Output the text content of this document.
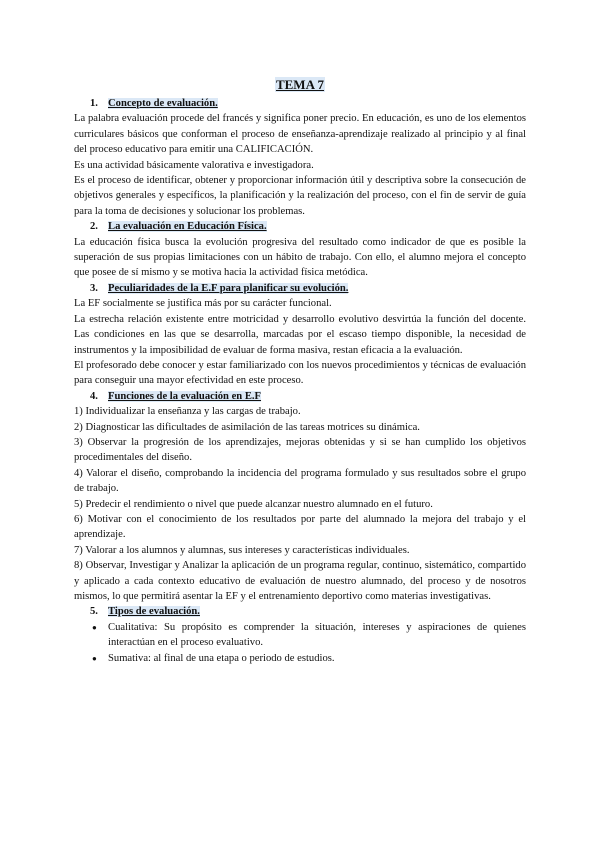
TEMA 7
1. Concepto de evaluación.

La palabra evaluación procede del francés y significa poner precio. En educación, es uno de los elementos curriculares básicos que conforman el proceso de enseñanza-aprendizaje realizado al principio y al final del proceso educativo para emitir una CALIFICACIÓN.

Es una actividad básicamente valorativa e investigadora.

Es el proceso de identificar, obtener y proporcionar información útil y descriptiva sobre la consecución de objetivos generales y específicos, la planificación y la realización del proceso, con el fin de servir de guía para la toma de decisiones y solucionar los problemas.

2. La evaluación en Educación Física.

La educación física busca la evolución progresiva del resultado como indicador de que es posible la superación de sus propias limitaciones con un hábito de trabajo. Con ello, el alumno mejora el concepto que posee de sí mismo y se motiva hacia la actividad física metódica.

3. Peculiaridades de la E.F para planificar su evolución.

La EF socialmente se justifica más por su carácter funcional.

La estrecha relación existente entre motricidad y desarrollo evolutivo desvirtúa la función del docente. Las condiciones en las que se desarrolla, marcadas por el escaso tiempo disponible, la necesidad de instrumentos y la imposibilidad de evaluar de forma masiva, restan eficacia a la evaluación.

El profesorado debe conocer y estar familiarizado con los nuevos procedimientos y técnicas de evaluación para conseguir una mayor efectividad en este proceso.

4. Funciones de la evaluación en E.F

1) Individualizar la enseñanza y las cargas de trabajo.

2) Diagnosticar las dificultades de asimilación de las tareas motrices su dinámica.

3) Observar la progresión de los aprendizajes, mejoras obtenidas y si se han cumplido los objetivos procedimentales del diseño.

4) Valorar el diseño, comprobando la incidencia del programa formulado y sus resultados sobre el grupo de trabajo.

5) Predecir el rendimiento o nivel que puede alcanzar nuestro alumnado en el futuro.

6) Motivar con el conocimiento de los resultados por parte del alumnado la mejora del trabajo y el aprendizaje.

7) Valorar a los alumnos y alumnas, sus intereses y características individuales.

8) Observar, Investigar y Analizar la aplicación de un programa regular, continuo, sistemático, compartido y aplicado a cada contexto educativo de evaluación de nuestro alumnado, del proceso y de nosotros mismos, lo que permitirá asentar la EF y el entrenamiento deportivo como materias investigativas.

5. Tipos de evaluación.
● Cualitativa: Su propósito es comprender la situación, intereses y aspiraciones de quienes interactúan en el proceso evaluativo.
● Sumativa: al final de una etapa o periodo de estudios.
